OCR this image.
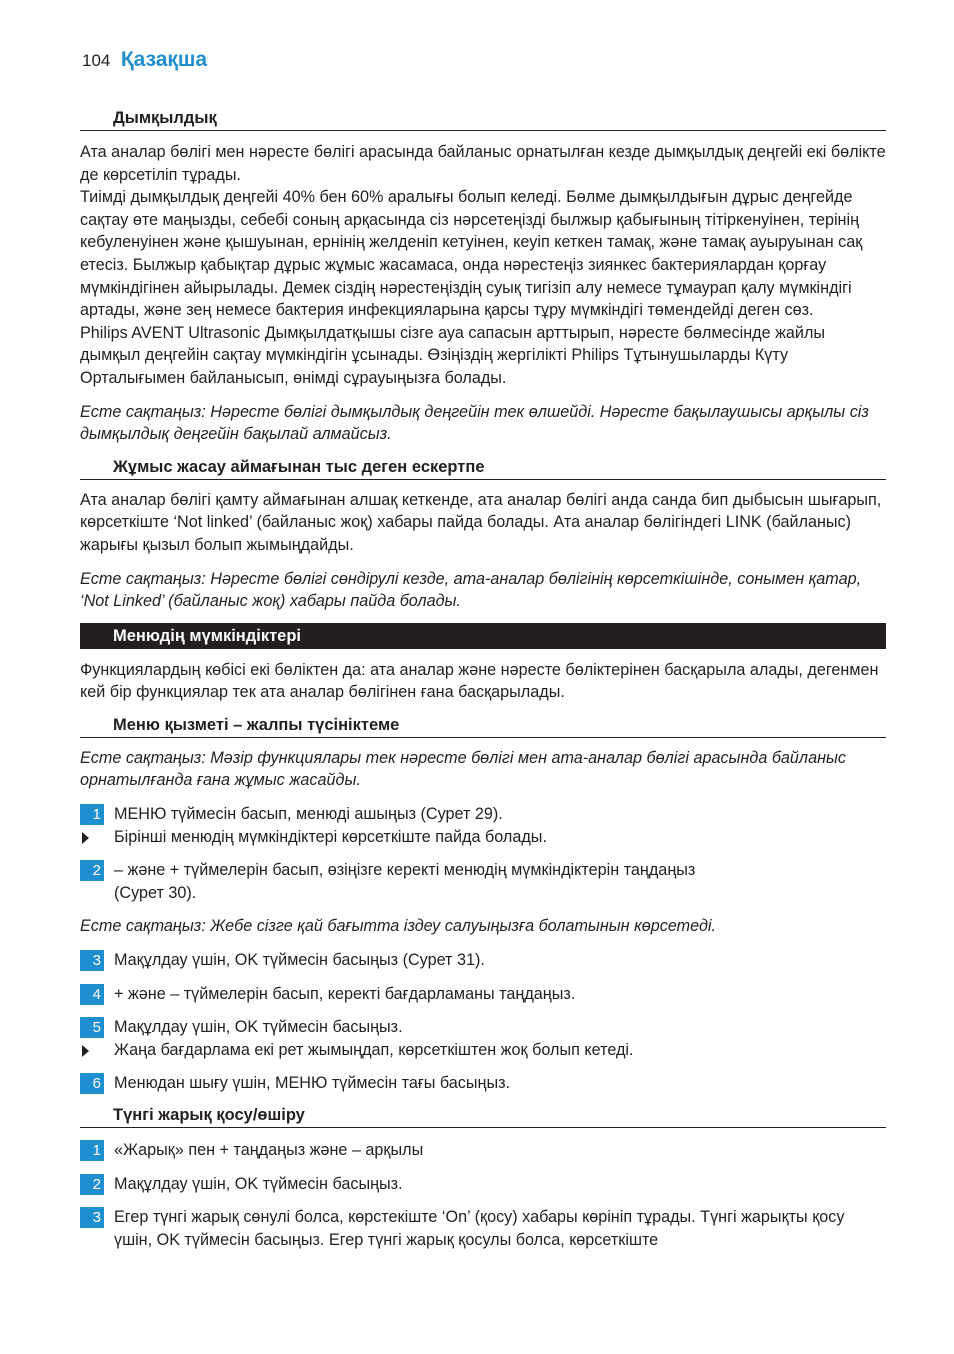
104 Қазақша
Дымқылдық
Ата аналар бөлігі мен нәресте бөлігі арасында байланыс орнатылған кезде дымқылдық деңгейі екі бөлікте де көрсетіліп тұрады.
Тиімді дымқылдық деңгейі 40% бен 60% аралығы болып келеді. Бөлме дымқылдығын дұрыс деңгейде сақтау өте маңызды, себебі соның арқасында сіз нәрсетеңізді былжыр қабығының тітіркенуінен, терінің кебуленуінен және қышуынан, ернінің желденіп кетуінен, кеуіп кеткен тамақ, және тамақ ауыруынан сақ етесіз. Былжыр қабықтар дұрыс жұмыс жасамаса, онда нәрестеңіз зиянкес бактериялардан қорғау мүмкіндігінен айырылады. Демек сіздің нәрестеңіздің суық тигізіп алу немесе тұмаурап қалу мүмкіндігі артады, және зең немесе бактерия инфекцияларына қарсы тұру мүмкіндігі төмендейді деген сөз.
Philips AVENT Ultrasonic Дымқылдатқышы сізге ауа сапасын арттырып, нәресте бөлмесінде жайлы дымқыл деңгейін сақтау мүмкіндігін ұсынады. Өзіңіздің жергілікті Philips Тұтынушыларды Күту Орталығымен байланысып, өнімді сұрауыңызға болады.
Есте сақтаңыз: Нәресте бөлігі дымқылдық деңгейін тек өлшейді. Нәресте бақылаушысы арқылы сіз дымқылдық деңгейін бақылай алмайсыз.
Жұмыс жасау аймағынан тыс деген ескертпе
Ата аналар бөлігі қамту аймағынан алшақ кеткенде, ата аналар бөлігі анда санда бип дыбысын шығарып, көрсеткіште ‘Not linked’ (байланыс жоқ) хабары пайда болады. Ата аналар бөлігіндегі LINK (байланыс) жарығы қызыл болып жымыңдайды.
Есте сақтаңыз: Нәресте бөлігі сөндірулі кезде, ата-аналар бөлігінің көрсеткішінде, сонымен қатар, ‘Not Linked’ (байланыс жоқ) хабары пайда болады.
Менюдің мүмкіндіктері
Функциялардың көбісі екі бөліктен да: ата аналар және нәресте бөліктерінен басқарыла алады, дегенмен кей бір функциялар тек ата аналар бөлігінен ғана басқарылады.
Меню қызметі – жалпы түсініктеме
Есте сақтаңыз: Мәзір функциялары тек нәресте бөлігі мен ата-аналар бөлігі арасында байланыс орнатылғанда ғана жұмыс жасайды.
1 МЕНЮ түймесін басып, менюді ашыңыз (Сурет 29).
Бірінші менюдің мүмкіндіктері көрсеткіште пайда болады.
2 – және + түймелерін басып, өзіңізге керекті менюдің мүмкіндіктерін таңдаңыз (Сурет 30).
Есте сақтаңыз: Жебе сізге қай бағытта іздеу салуыңызға болатынын көрсетеді.
3 Мақұлдау үшін, OK түймесін басыңыз (Сурет 31).
4 + және – түймелерін басып, керекті бағдарламаны таңдаңыз.
5 Мақұлдау үшін, OK түймесін басыңыз.
Жаңа бағдарлама екі рет жымыңдап, көрсеткіштен жоқ болып кетеді.
6 Менюдан шығу үшін, МЕНЮ түймесін тағы басыңыз.
Түнгі жарық қосу/өшіру
1 «Жарық» пен + таңдаңыз және – арқылы
2 Мақұлдау үшін, OK түймесін басыңыз.
3 Егер түнгі жарық сөнулі болса, көрстекіште ‘On’ (қосу) хабары көрініп тұрады. Түнгі жарықты қосу үшін, OK түймесін басыңыз. Егер түнгі жарық қосулы болса, көрсеткіште
